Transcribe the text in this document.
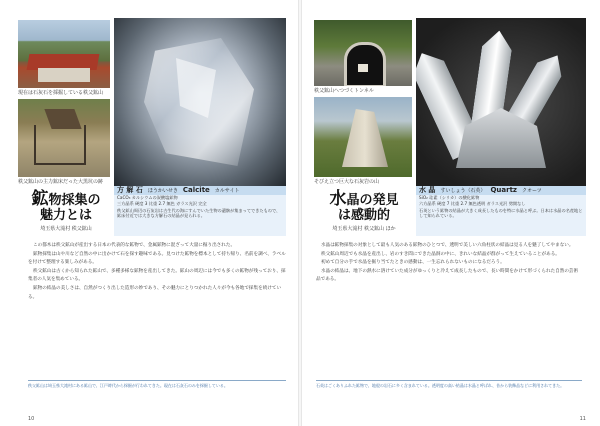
現在は石灰石を採掘している秩父鉱山
秩父鉱山の主力鉱床だった大黒坑の跡
方 解 石 ほうかいせき Calcite カルサイト
CaCO₃ カルシウムの炭酸塩鉱物
三方晶系 硬度 3 比重 2.7 無色 ガラス光沢 完全
秩父鉱山周辺の石灰岩は古生代の海にすんでいた生物の遺骸が集まってできたもので、鉱床付近では大きな方解石の結晶が見られる。
鉱物採集の
魅力とは
埼玉県大滝村 秩父鉱山

この都木は秩父鉱山が産出する日本の代表的な鉱物で、金属鉱物に混ざって大量に掘り出された。

鉱物採集は山や川など自然の中に出かけて石を探す趣味である。見つけた鉱物を標本として持ち帰り、名前を調べ、ラベルを付けて整理する楽しみがある。

秩父鉱山は古くから知られた鉱山で、多種多様な鉱物を産出してきた。鉱山の周辺には今でも多くの鉱物が残っており、採集者の人気を集めている。

鉱物の結晶の美しさは、自然がつくり出した造形の妙であり、その魅力にとりつかれた人々が今も各地で採集を続けている。

秩父鉱山は埼玉県大滝村にある鉱山で、江戸時代から採掘が行われてきた。現在は石灰石のみを採掘している。
10
秩父鉱山へつづくトンネル
そびえ立つ巨大な石灰岩の山
水 晶 すいしょう（石英） Quartz クオーツ
SiO₂ 珪素（シリカ）の酸化鉱物
六方晶系 硬度 7 比重 2.7 無色透明 ガラス光沢 劈開なし
石英という鉱物の結晶が大きく成長したものを特に水晶と呼ぶ。日本は水晶の名産地として知られている。
水晶の発見
は感動的
埼玉県大滝村 秩父鉱山 ほか

水晶は鉱物採集の対象として最も人気のある鉱物のひとつで、透明で美しい六角柱状の結晶は見る人を魅了してやまない。

秩父鉱山周辺でも水晶を産出し、岩のすき間にできた晶洞の中に、きれいな結晶が群がって生えていることがある。

初めて自分の手で水晶を掘り当てたときの感動は、一生忘れられないものになるだろう。

水晶の結晶は、地下の熱水に溶けていた成分がゆっくりと冷えて成長したもので、長い時間をかけて形づくられた自然の芸術品である。

石英はごくありふれた鉱物で、地殻の岩石に多く含まれている。透明度の高い結晶は水晶と呼ばれ、昔から装飾品などに利用されてきた。
11
